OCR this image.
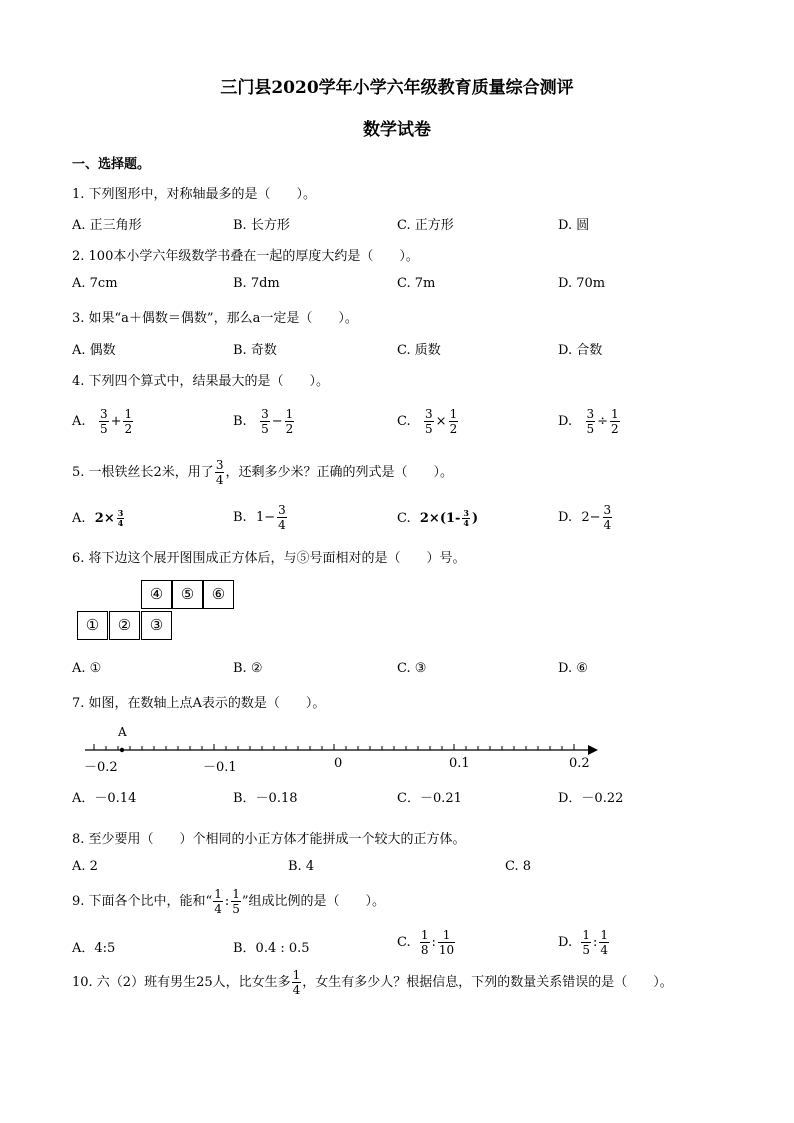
三门县2020学年小学六年级教育质量综合测评
数学试卷
一、选择题。
1. 下列图形中，对称轴最多的是（　　）。
A. 正三角形	B. 长方形	C. 正方形	D. 圆
2. 100本小学六年级数学书叠在一起的厚度大约是（　　）。
A. 7cm	B. 7dm	C. 7m	D. 70m
3. 如果“a＋偶数＝偶数”，那么a一定是（　　）。
A. 偶数	B. 奇数	C. 质数	D. 合数
4. 下列四个算式中，结果最大的是（　　）。
A. $\frac{3}{5} + \frac{1}{2}$	B. $\frac{3}{5} - \frac{1}{2}$	C. $\frac{3}{5} \times \frac{1}{2}$	D. $\frac{3}{5} \div \frac{1}{2}$
5. 一根铁丝长2米，用了 $\frac{3}{4}$ ，还剩多少米？正确的列式是（　　）。
A. $2\times \frac{3}{4}$	B. $1- \frac{3}{4}$	C. $2\times(1- \frac{3}{4}$ )	D. $2- \frac{3}{4}$
6. 将下边这个展开图围成正方体后，与⑤号面相对的是（　　）号。
④	⑤	⑥
①	②	③
A. ①	B. ②	C. ③	D. ⑥
7. 如图，在数轴上点A表示的数是（　　）。
A
－0.2	－0.1	0	0.1	0.2
A．－0.14	B．－0.18	C．－0.21	D．－0.22
8. 至少要用（　　）个相同的小正方体才能拼成一个较大的正方体。
A. 2	B. 4	C. 8
9. 下面各个比中，能和“ $\frac{1}{4}$ : $\frac{1}{5}$ ”组成比例的是（　　）。
A．4:5	B．0.4 : 0.5	C. $\frac{1}{8}$ : $\frac{1}{10}$	D. $\frac{1}{5}$ : $\frac{1}{4}$
10. 六（2）班有男生25人，比女生多 $\frac{1}{4}$ ，女生有多少人？根据信息，下列的数量关系错误的是（　　）。
